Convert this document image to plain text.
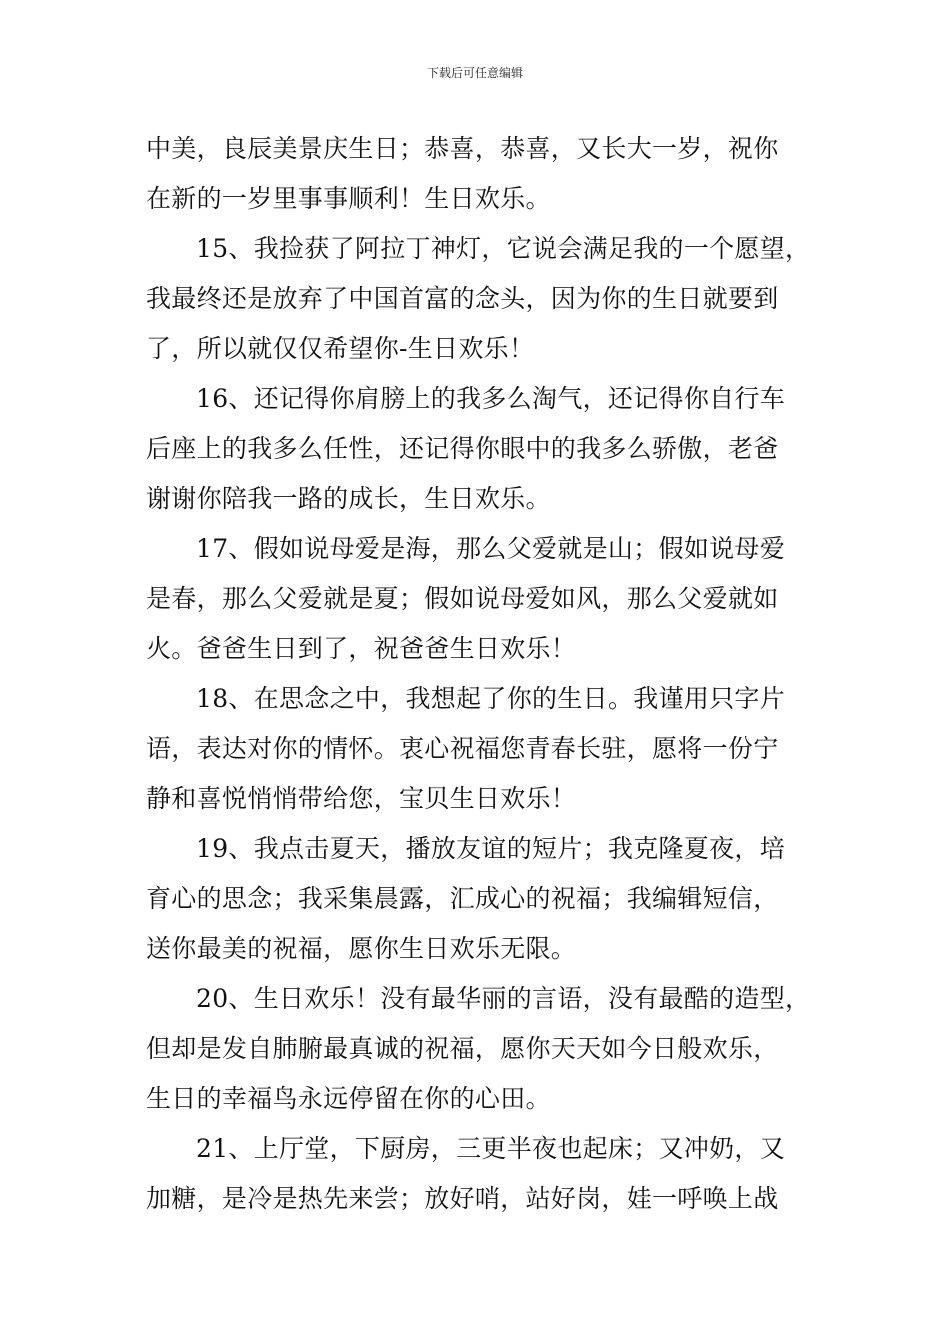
下载后可任意编辑
中美，良辰美景庆生日；恭喜，恭喜，又长大一岁，祝你
在新的一岁里事事顺利！生日欢乐。
15、我捡获了阿拉丁神灯，它说会满足我的一个愿望，
我最终还是放弃了中国首富的念头，因为你的生日就要到
了，所以就仅仅希望你-生日欢乐！
16、还记得你肩膀上的我多么淘气，还记得你自行车
后座上的我多么任性，还记得你眼中的我多么骄傲，老爸
谢谢你陪我一路的成长，生日欢乐。
17、假如说母爱是海，那么父爱就是山；假如说母爱
是春，那么父爱就是夏；假如说母爱如风，那么父爱就如
火。爸爸生日到了，祝爸爸生日欢乐！
18、在思念之中，我想起了你的生日。我谨用只字片
语，表达对你的情怀。衷心祝福您青春长驻，愿将一份宁
静和喜悦悄悄带给您，宝贝生日欢乐！
19、我点击夏天，播放友谊的短片；我克隆夏夜，培
育心的思念；我采集晨露，汇成心的祝福；我编辑短信，
送你最美的祝福，愿你生日欢乐无限。
20、生日欢乐！没有最华丽的言语，没有最酷的造型，
但却是发自肺腑最真诚的祝福，愿你天天如今日般欢乐，
生日的幸福鸟永远停留在你的心田。
21、上厅堂，下厨房，三更半夜也起床；又冲奶，又
加糖，是冷是热先来尝；放好哨，站好岗，娃一呼唤上战
